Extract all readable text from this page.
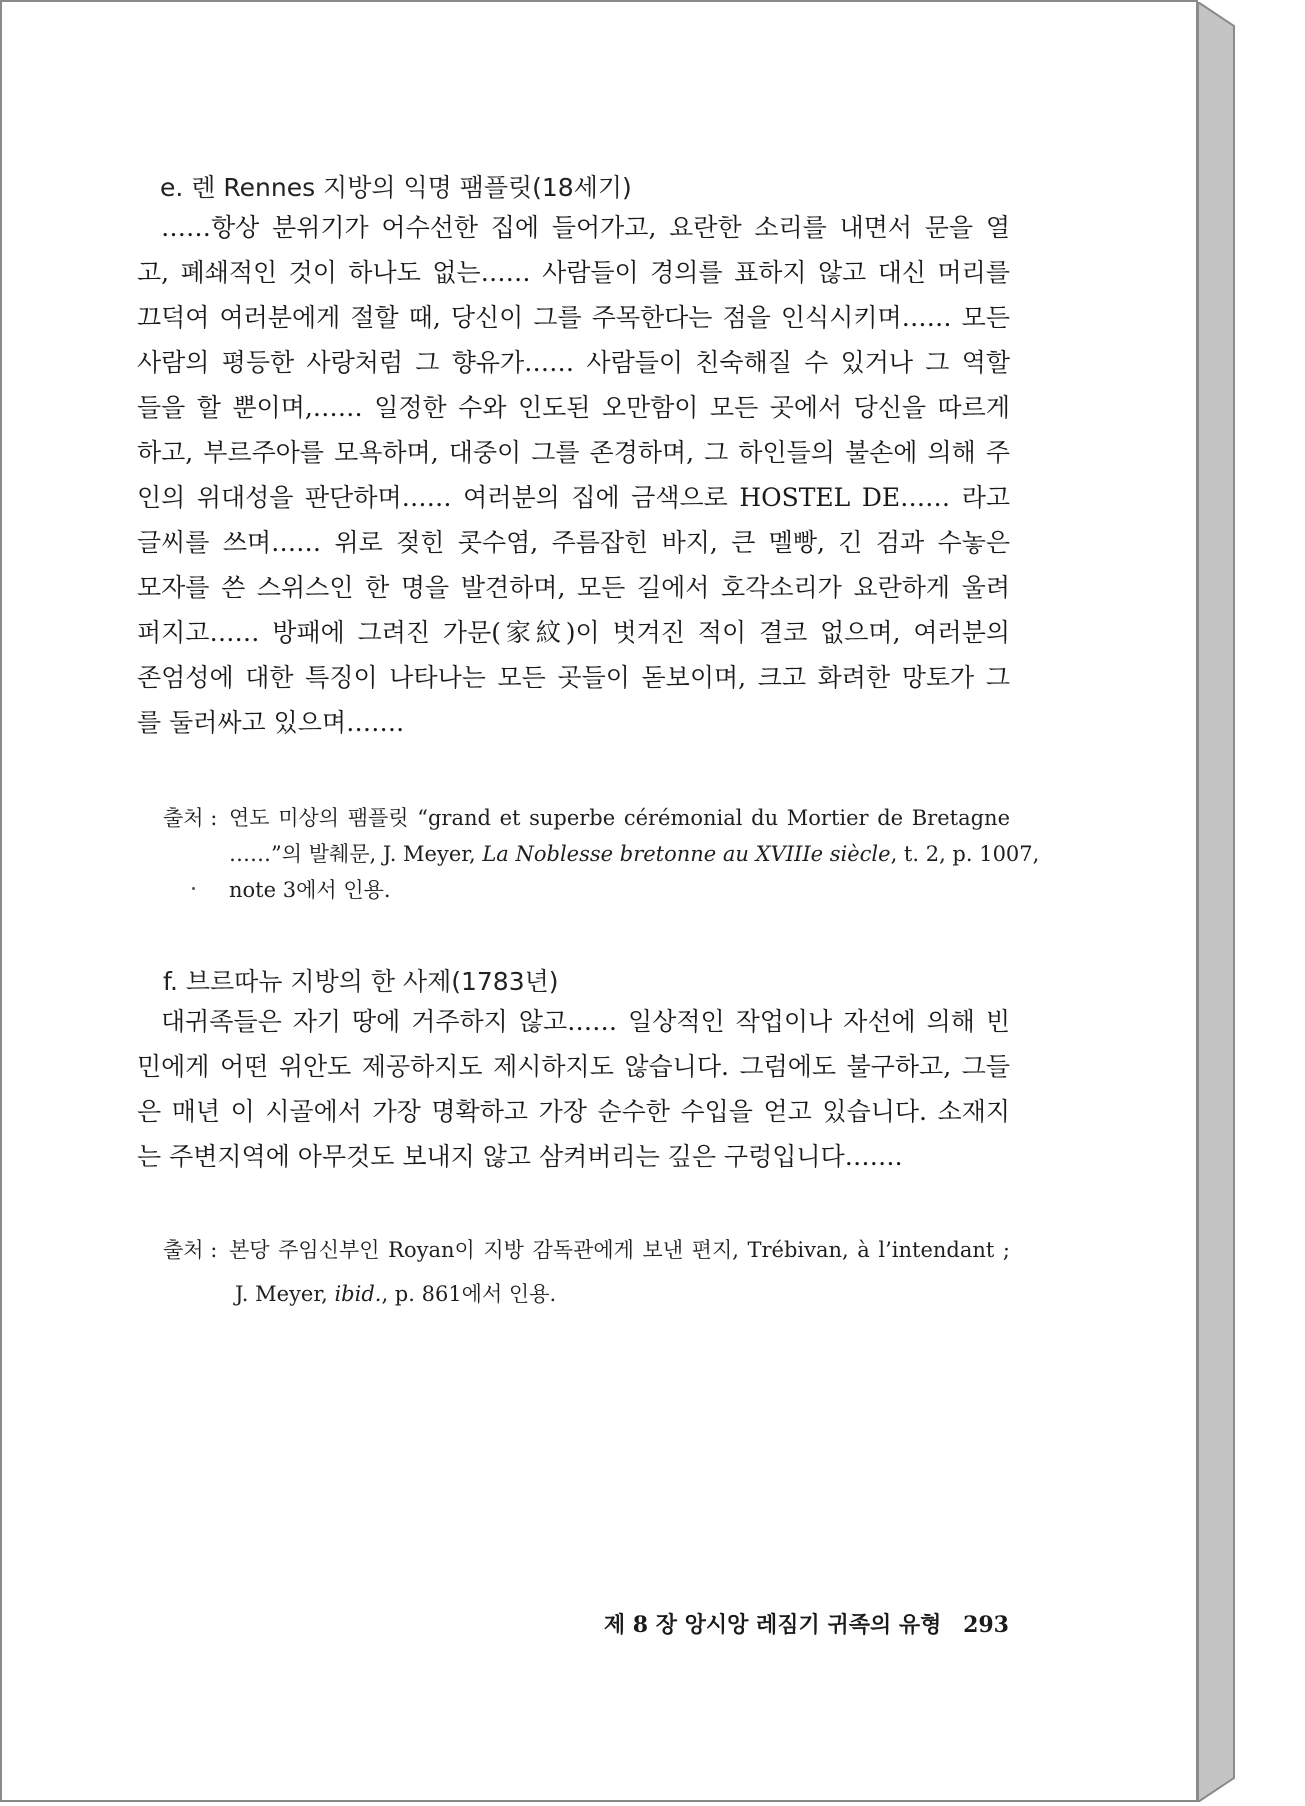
e. 렌 Rennes 지방의 익명 팸플릿(18세기)
……항상 분위기가 어수선한 집에 들어가고, 요란한 소리를 내면서 문을 열
고, 폐쇄적인 것이 하나도 없는…… 사람들이 경의를 표하지 않고 대신 머리를
끄덕여 여러분에게 절할 때, 당신이 그를 주목한다는 점을 인식시키며…… 모든
사람의 평등한 사랑처럼 그 향유가…… 사람들이 친숙해질 수 있거나 그 역할
들을 할 뿐이며,…… 일정한 수와 인도된 오만함이 모든 곳에서 당신을 따르게
하고, 부르주아를 모욕하며, 대중이 그를 존경하며, 그 하인들의 불손에 의해 주
인의 위대성을 판단하며…… 여러분의 집에 금색으로 HOSTEL DE…… 라고
글씨를 쓰며…… 위로 젖힌 콧수염, 주름잡힌 바지, 큰 멜빵, 긴 검과 수놓은
모자를 쓴 스위스인 한 명을 발견하며, 모든 길에서 호각소리가 요란하게 울려
퍼지고…… 방패에 그려진 가문(家紋)이 벗겨진 적이 결코 없으며, 여러분의
존엄성에 대한 특징이 나타나는 모든 곳들이 돋보이며, 크고 화려한 망토가 그
를 둘러싸고 있으며…….
출처 : 연도 미상의 팸플릿 “grand et superbe cérémonial du Mortier de Bretagne
……”의 발췌문, J. Meyer, La Noblesse bretonne au XVIIIe siècle, t. 2, p. 1007,
note 3에서 인용.
f. 브르따뉴 지방의 한 사제(1783년)
대귀족들은 자기 땅에 거주하지 않고…… 일상적인 작업이나 자선에 의해 빈
민에게 어떤 위안도 제공하지도 제시하지도 않습니다. 그럼에도 불구하고, 그들
은 매년 이 시골에서 가장 명확하고 가장 순수한 수입을 얻고 있습니다. 소재지
는 주변지역에 아무것도 보내지 않고 삼켜버리는 깊은 구렁입니다…….
출처 : 본당 주임신부인 Royan이 지방 감독관에게 보낸 편지, Trébivan, à l’intendant ;
J. Meyer, ibid., p. 861에서 인용.
제 8 장 앙시앙 레짐기 귀족의 유형 293
